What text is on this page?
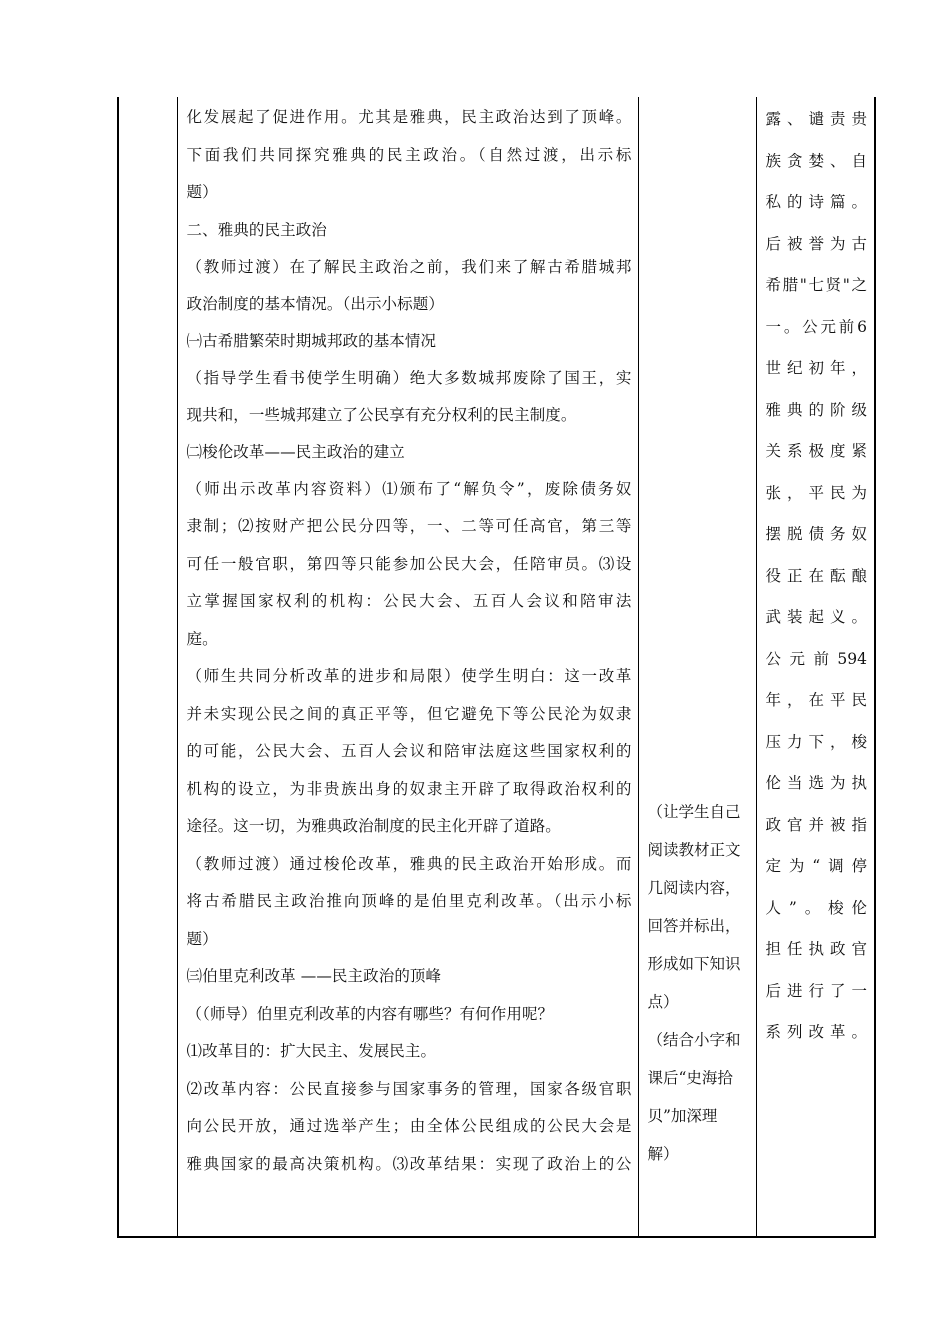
化发展起了促进作用。尤其是雅典，民主政治达到了顶峰。
下面我们共同探究雅典的民主政治。（自然过渡，出示标
题）
二、雅典的民主政治
（教师过渡）在了解民主政治之前，我们来了解古希腊城邦
政治制度的基本情况。（出示小标题）
㈠古希腊繁荣时期城邦政的基本情况
（指导学生看书使学生明确）绝大多数城邦废除了国王，实
现共和，一些城邦建立了公民享有充分权利的民主制度。
㈡梭伦改革——民主政治的建立
（师出示改革内容资料）⑴颁布了“解负令”，废除债务奴
隶制；⑵按财产把公民分四等，一、二等可任高官，第三等
可任一般官职，第四等只能参加公民大会，任陪审员。⑶设
立掌握国家权利的机构：公民大会、五百人会议和陪审法
庭。
（师生共同分析改革的进步和局限）使学生明白：这一改革
并未实现公民之间的真正平等，但它避免下等公民沦为奴隶
的可能，公民大会、五百人会议和陪审法庭这些国家权利的
机构的设立，为非贵族出身的奴隶主开辟了取得政治权利的
途径。这一切，为雅典政治制度的民主化开辟了道路。
（教师过渡）通过梭伦改革，雅典的民主政治开始形成。而
将古希腊民主政治推向顶峰的是伯里克利改革。（出示小标
题）
㈢伯里克利改革 ——民主政治的顶峰
（（师导）伯里克利改革的内容有哪些？有何作用呢？
⑴改革目的：扩大民主、发展民主。
⑵改革内容：公民直接参与国家事务的管理，国家各级官职
向公民开放，通过选举产生；由全体公民组成的公民大会是
雅典国家的最高决策机构。⑶改革结果：实现了政治上的公

（让学生自己
阅读教材正文
几阅读内容，
回答并标出，
形成如下知识
点）
（结合小字和
课后“史海拾
贝”加深理
解）

露、谴责贵
族贪婪、自
私的诗篇。
后被誉为古
希腊"七贤"之
一。公元前6
世纪初年，
雅典的阶级
关系极度紧
张，平民为
摆脱债务奴
役正在酝酿
武装起义。
公元前594
年，在平民
压力下，梭
伦当选为执
政官并被指
定为“调停
人”。梭伦
担任执政官
后进行了一
系列改革。
